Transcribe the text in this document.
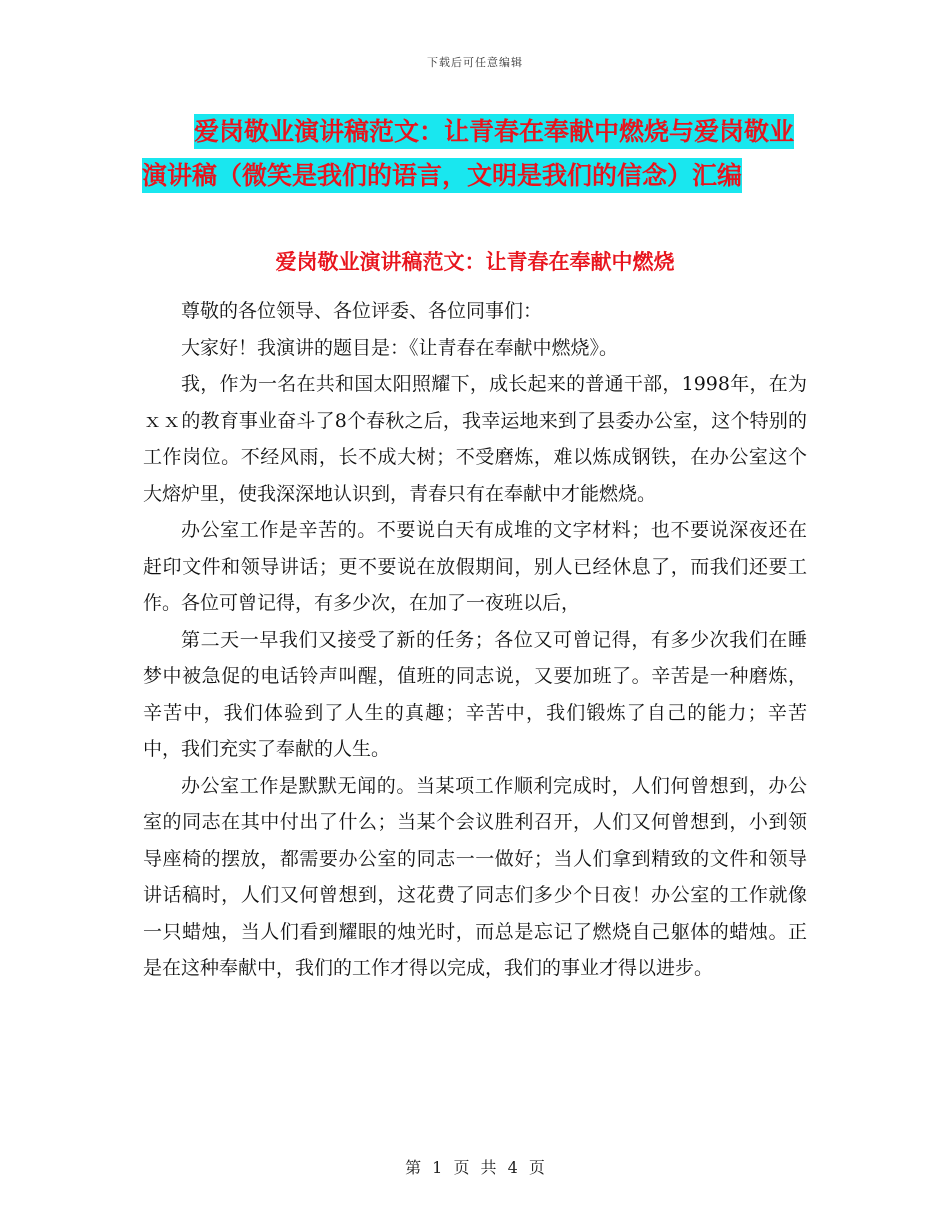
下载后可任意编辑
爱岗敬业演讲稿范文：让青春在奉献中燃烧与爱岗敬业演讲稿（微笑是我们的语言，文明是我们的信念）汇编
爱岗敬业演讲稿范文：让青春在奉献中燃烧

尊敬的各位领导、各位评委、各位同事们：

大家好！我演讲的题目是：《让青春在奉献中燃烧》。

我，作为一名在共和国太阳照耀下，成长起来的普通干部，1998年，在为ｘｘ的教育事业奋斗了8个春秋之后，我幸运地来到了县委办公室，这个特别的工作岗位。不经风雨，长不成大树；不受磨炼，难以炼成钢铁，在办公室这个大熔炉里，使我深深地认识到，青春只有在奉献中才能燃烧。

办公室工作是辛苦的。不要说白天有成堆的文字材料；也不要说深夜还在赶印文件和领导讲话；更不要说在放假期间，别人已经休息了，而我们还要工作。各位可曾记得，有多少次，在加了一夜班以后，

第二天一早我们又接受了新的任务；各位又可曾记得，有多少次我们在睡梦中被急促的电话铃声叫醒，值班的同志说，又要加班了。辛苦是一种磨炼，辛苦中，我们体验到了人生的真趣；辛苦中，我们锻炼了自己的能力；辛苦中，我们充实了奉献的人生。

办公室工作是默默无闻的。当某项工作顺利完成时，人们何曾想到，办公室的同志在其中付出了什么；当某个会议胜利召开，人们又何曾想到，小到领导座椅的摆放，都需要办公室的同志一一做好；当人们拿到精致的文件和领导讲话稿时，人们又何曾想到，这花费了同志们多少个日夜！办公室的工作就像一只蜡烛，当人们看到耀眼的烛光时，而总是忘记了燃烧自己躯体的蜡烛。正是在这种奉献中，我们的工作才得以完成，我们的事业才得以进步。

第 1 页 共 4 页
